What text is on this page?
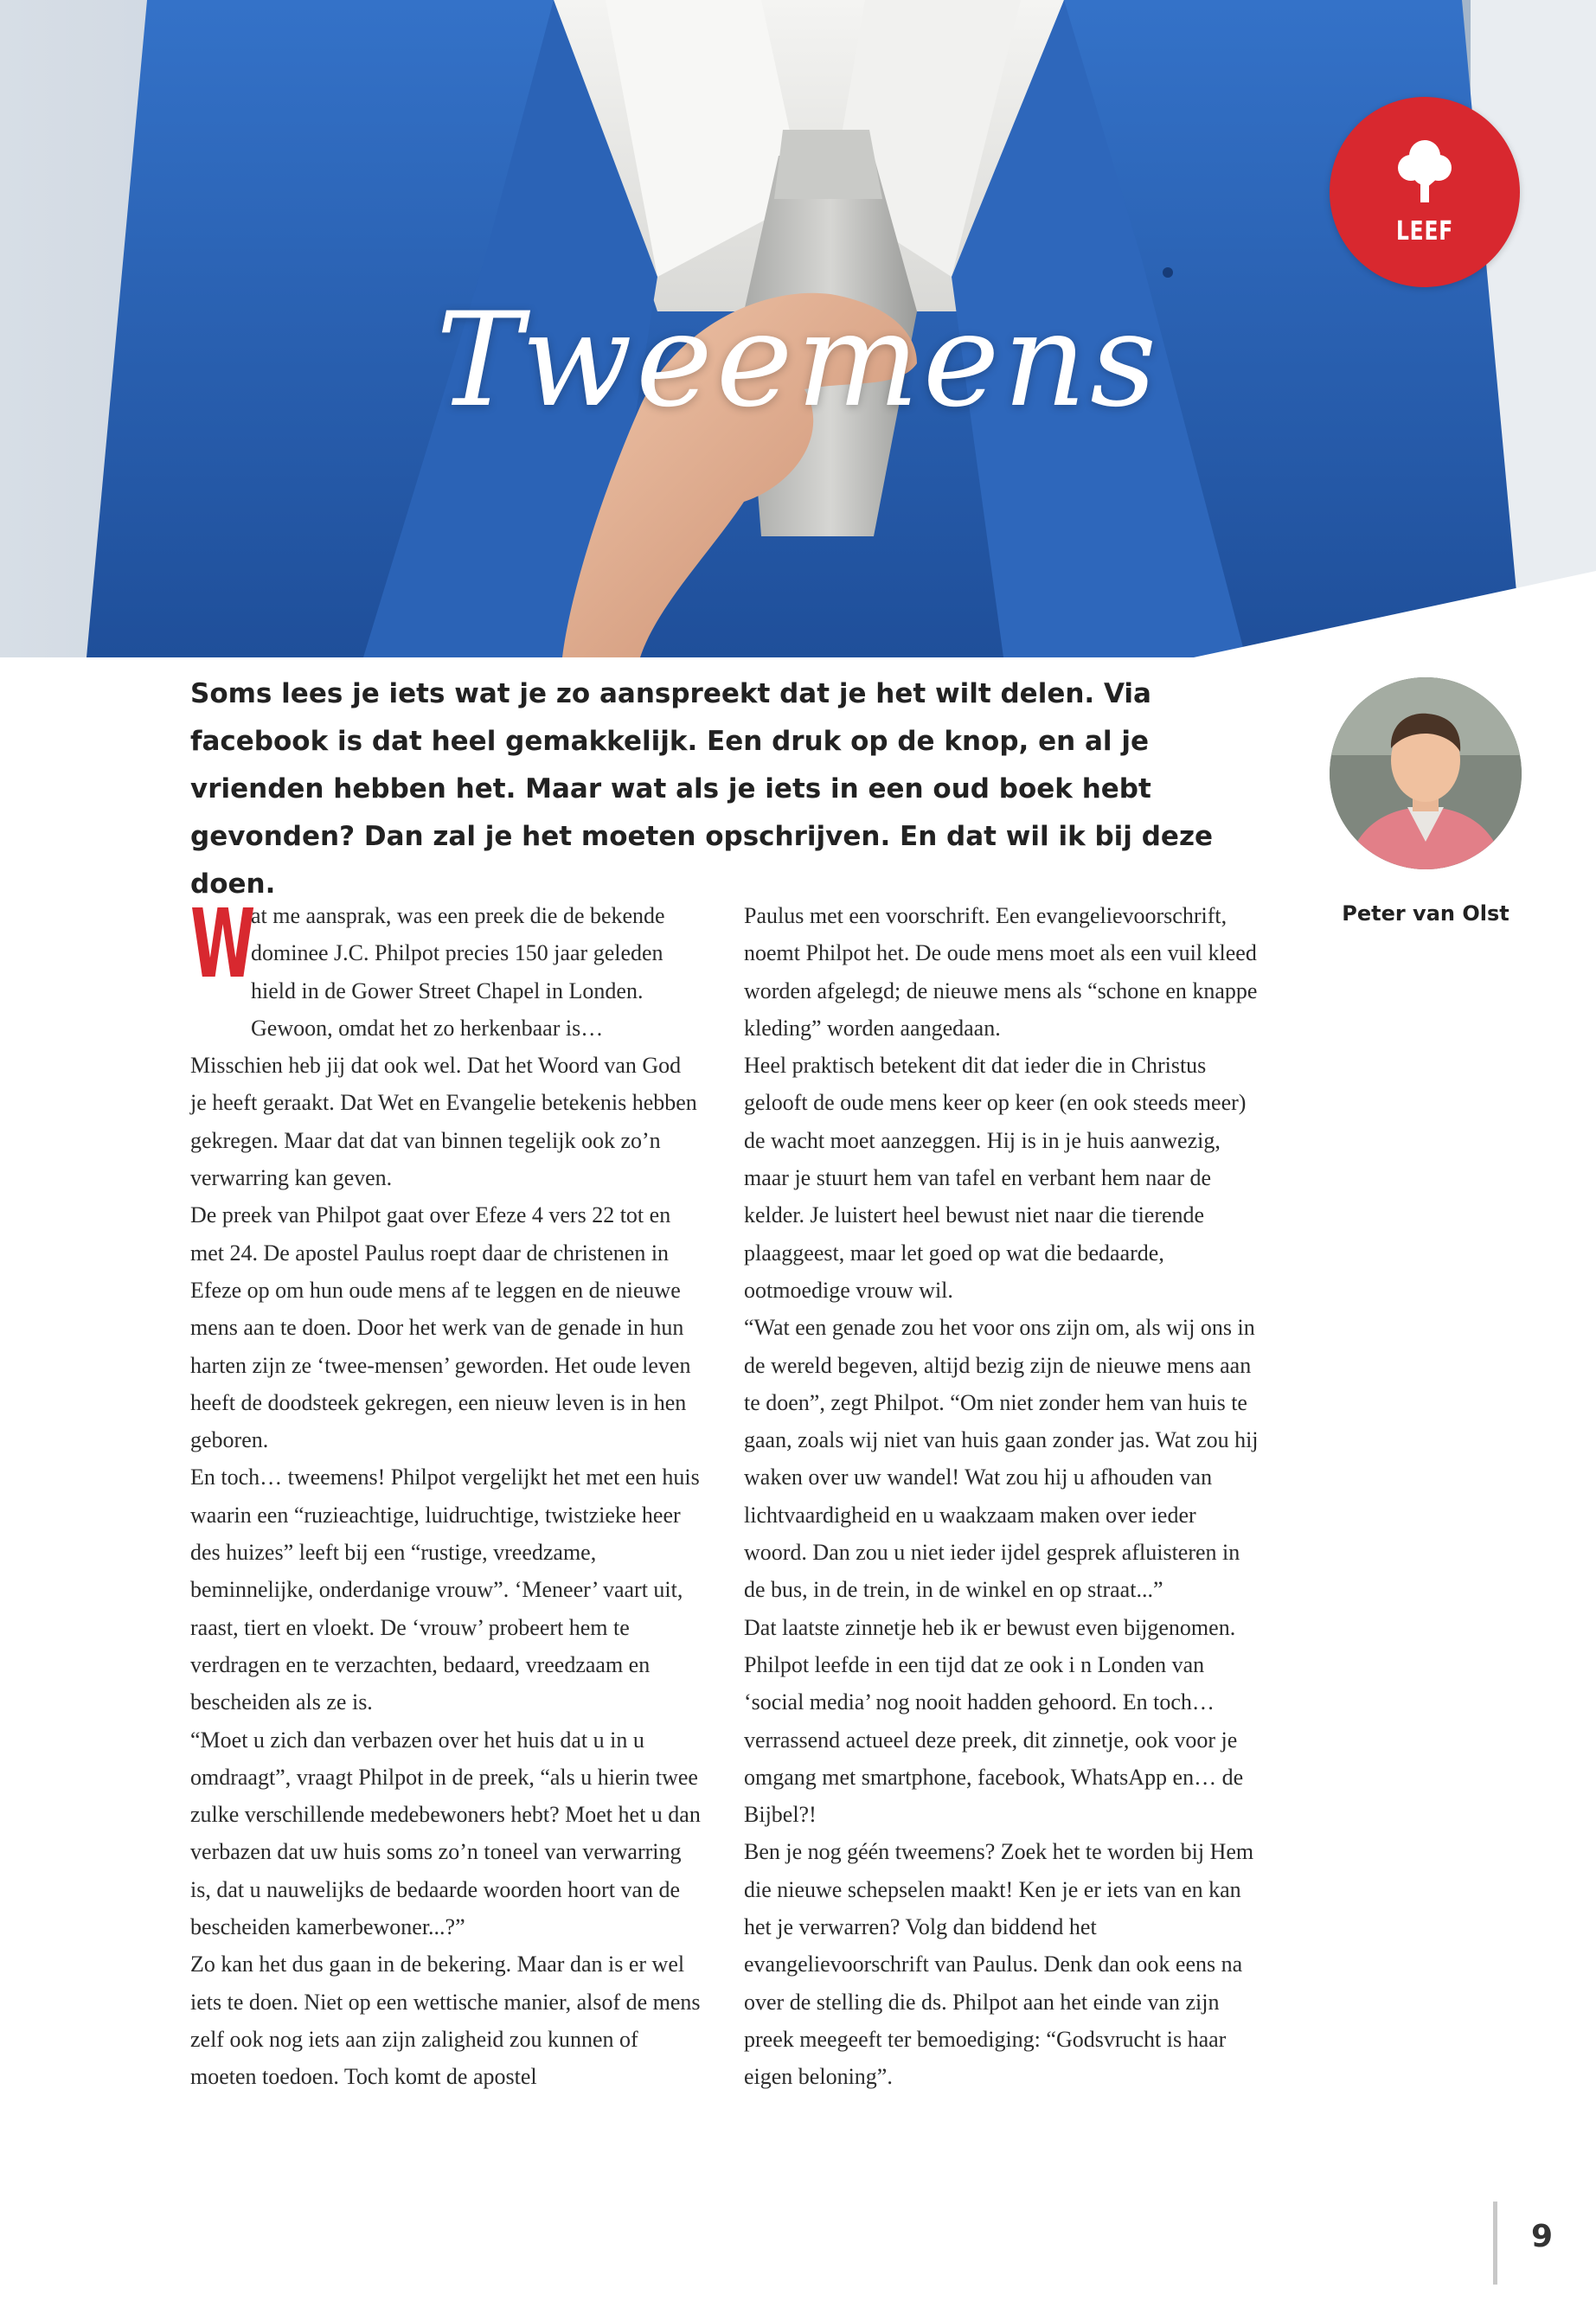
Tweemens
LEEF
Soms lees je iets wat je zo aanspreekt dat je het wilt delen. Via facebook is dat heel gemakkelijk. Een druk op de knop, en al je vrienden hebben het. Maar wat als je iets in een oud boek hebt gevonden? Dan zal je het moeten opschrijven. En dat wil ik bij deze doen.
Peter van Olst

W
at me aansprak, was een preek die de bekende dominee J.C. Philpot precies 150 jaar geleden hield in de Gower Street Chapel in Londen. Gewoon, omdat het zo herkenbaar is… Misschien heb jij dat ook wel. Dat het Woord van God je heeft geraakt. Dat Wet en Evangelie betekenis hebben gekregen. Maar dat dat van binnen tegelijk ook zo’n verwarring kan geven.

De preek van Philpot gaat over Efeze 4 vers 22 tot en met 24. De apostel Paulus roept daar de christenen in Efeze op om hun oude mens af te leggen en de nieuwe mens aan te doen. Door het werk van de genade in hun harten zijn ze ‘twee-mensen’ geworden. Het oude leven heeft de doodsteek gekregen, een nieuw leven is in hen geboren.

En toch… tweemens! Philpot vergelijkt het met een huis waarin een “ruzieachtige, luidruchtige, twistzieke heer des huizes” leeft bij een “rustige, vreedzame, beminnelijke, onderdanige vrouw”. ‘Meneer’ vaart uit, raast, tiert en vloekt. De ‘vrouw’ probeert hem te verdragen en te verzachten, bedaard, vreedzaam en bescheiden als ze is.

“Moet u zich dan verbazen over het huis dat u in u omdraagt”, vraagt Philpot in de preek, “als u hierin twee zulke verschillende medebewoners hebt? Moet het u dan verbazen dat uw huis soms zo’n toneel van verwarring is, dat u nauwelijks de bedaarde woorden hoort van de bescheiden kamerbewoner...?”

Zo kan het dus gaan in de bekering. Maar dan is er wel iets te doen. Niet op een wettische manier, alsof de mens zelf ook nog iets aan zijn zaligheid zou kunnen of moeten toedoen. Toch komt de apostel

Paulus met een voorschrift. Een evangelievoorschrift, noemt Philpot het. De oude mens moet als een vuil kleed worden afgelegd; de nieuwe mens als “schone en knappe kleding” worden aangedaan.

Heel praktisch betekent dit dat ieder die in Christus gelooft de oude mens keer op keer (en ook steeds meer) de wacht moet aanzeggen. Hij is in je huis aanwezig, maar je stuurt hem van tafel en verbant hem naar de kelder. Je luistert heel bewust niet naar die tierende plaaggeest, maar let goed op wat die bedaarde, ootmoedige vrouw wil.

“Wat een genade zou het voor ons zijn om, als wij ons in de wereld begeven, altijd bezig zijn de nieuwe mens aan te doen”, zegt Philpot. “Om niet zonder hem van huis te gaan, zoals wij niet van huis gaan zonder jas. Wat zou hij waken over uw wandel! Wat zou hij u afhouden van lichtvaardigheid en u waakzaam maken over ieder woord. Dan zou u niet ieder ijdel gesprek afluisteren in de bus, in de trein, in de winkel en op straat...”

Dat laatste zinnetje heb ik er bewust even bijgenomen. Philpot leefde in een tijd dat ze ook i n Londen van ‘social media’ nog nooit hadden gehoord. En toch… verrassend actueel deze preek, dit zinnetje, ook voor je omgang met smartphone, facebook, WhatsApp en… de Bijbel?!

Ben je nog géén tweemens? Zoek het te worden bij Hem die nieuwe schepselen maakt! Ken je er iets van en kan het je verwarren? Volg dan biddend het evangelievoorschrift van Paulus. Denk dan ook eens na over de stelling die ds. Philpot aan het einde van zijn preek meegeeft ter bemoediging: “Godsvrucht is haar eigen beloning”.

9
